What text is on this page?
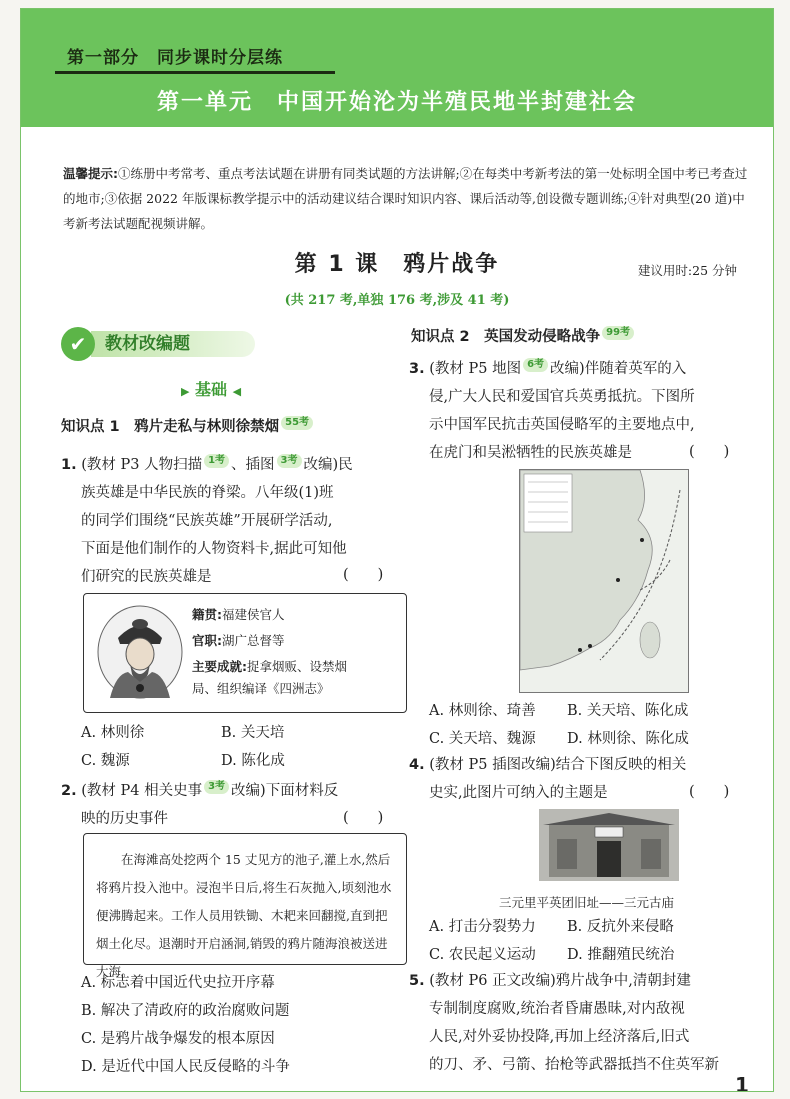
第一部分　同步课时分层练
第一单元　中国开始沦为半殖民地半封建社会
温馨提示:①练册中考常考、重点考法试题在讲册有同类试题的方法讲解;②在每类中考新考法的第一处标明全国中考已考查过的地市;③依据 2022 年版课标教学提示中的活动建议结合课时知识内容、课后活动等,创设微专题训练;④针对典型(20 道)中考新考法试题配视频讲解。
第 1 课　鸦片战争	建议用时:25 分钟
(共 217 考,单独 176 考,涉及 41 考)
教材改编题
✔
▶ 基础 ◀
知识点 1　鸦片走私与林则徐禁烟 55考
1. (教材 P3 人物扫描 1考 、插图 3考 改编)民
族英雄是中华民族的脊梁。八年级(1)班
的同学们围绕“民族英雄”开展研学活动,
下面是他们制作的人物资料卡,据此可知他
们研究的民族英雄是	(　　)
籍贯:福建侯官人
官职:湖广总督等
主要成就:捉拿烟贩、设禁烟
局、组织编译《四洲志》
A. 林则徐	B. 关天培
C. 魏源	D. 陈化成
2. (教材 P4 相关史事 3考 改编)下面材料反
映的历史事件	(　　)

在海滩高处挖两个 15 丈见方的池子,灌上水,然后将鸦片投入池中。浸泡半日后,将生石灰抛入,顷刻池水便沸腾起来。工作人员用铁锄、木耙来回翻搅,直到把烟土化尽。退潮时开启涵洞,销毁的鸦片随海浪被送进大海。

A. 标志着中国近代史拉开序幕
B. 解决了清政府的政治腐败问题
C. 是鸦片战争爆发的根本原因
D. 是近代中国人民反侵略的斗争
知识点 2　英国发动侵略战争 99考
3. (教材 P5 地图 6考 改编)伴随着英军的入
侵,广大人民和爱国官兵英勇抵抗。下图所
示中国军民抗击英国侵略军的主要地点中,
在虎门和吴淞牺牲的民族英雄是	(　　)
A. 林则徐、琦善 B. 关天培、陈化成
C. 关天培、魏源 D. 林则徐、陈化成
4. (教材 P5 插图改编)结合下图反映的相关
史实,此图片可纳入的主题是	(　　)
三元里平英团旧址——三元古庙
A. 打击分裂势力 B. 反抗外来侵略
C. 农民起义运动 D. 推翻殖民统治
5. (教材 P6 正文改编)鸦片战争中,清朝封建
专制制度腐败,统治者昏庸愚昧,对内敌视
人民,对外妥协投降,再加上经济落后,旧式
的刀、矛、弓箭、抬枪等武器抵挡不住英军新
1
